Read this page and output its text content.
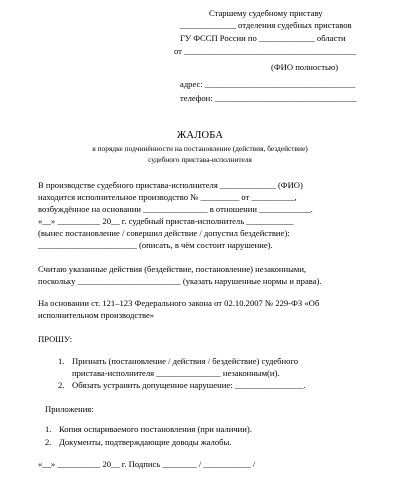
Старшему судебному приставу
_____________ отделения судебных приставов
ГУ ФССП России по _____________ области
от ________________________________________
(ФИО полностью)
адрес: ___________________________________
телефон: _________________________________
ЖАЛОБА
в порядке подчинённости на постановление (действия, бездействие)
судебного пристава-исполнителя
В производстве судебного пристава-исполнителя _____________ (ФИО)
находится исполнительное производство № _________ от __________,
возбуждённое на основании _______________ в отношении ____________.
«__» __________ 20__ г. судебный пристав-исполнитель ___________
(вынес постановление / совершил действие / допустил бездействие):
_______________________ (описать, в чём состоит нарушение).
Считаю указанные действия (бездействие, постановление) незаконными,
поскольку ________________________ (указать нарушенные нормы и права).
На основании ст. 121–123 Федерального закона от 02.10.2007 № 229-ФЗ «Об
исполнительном производстве»
ПРОШУ:
1. Признать (постановление / действия / бездействие) судебного
пристава-исполнителя _______________ незаконным(и).
2. Обязать устранить допущенное нарушение: ________________.
Приложения:
1. Копия оспариваемого постановления (при наличии).
2. Документы, подтверждающие доводы жалобы.
«__» __________ 20__ г. Подпись ________ / ___________ /
